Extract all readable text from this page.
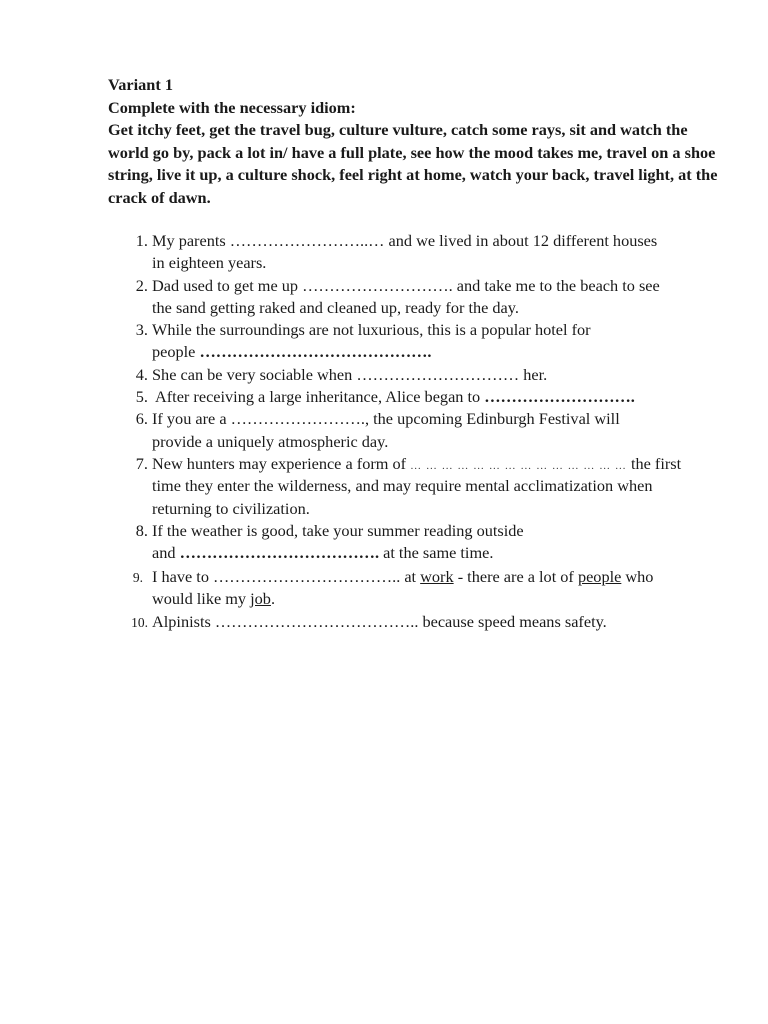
Variant 1

Complete with the necessary idiom:

Get itchy feet, get the travel bug, culture vulture, catch some rays, sit and watch the world go by, pack a lot in/ have a full plate, see how the mood takes me, travel on a shoe string, live it up, a culture shock, feel right at home, watch your back, travel light, at the crack of dawn.

1. My parents ……………………..… and we lived in about 12 different houses
in eighteen years.
2. Dad used to get me up ………………………. and take me to the beach to see
the sand getting raked and cleaned up, ready for the day.
3. While the surroundings are not luxurious, this is a popular hotel for
people …………………………………….
4. She can be very sociable when ………………………… her.
5. After receiving a large inheritance, Alice began to ……………………….
6. If you are a ……………………., the upcoming Edinburgh Festival will
provide a uniquely atmospheric day.
7. New hunters may experience a form of … … … … … … … … … … … … … … the first
time they enter the wilderness, and may require mental acclimatization when
returning to civilization.
8. If the weather is good, take your summer reading outside
and ………………………………. at the same time.
9. I have to …………………………….. at work - there are a lot of people who
would like my job.
10. Alpinists ……………………………….. because speed means safety.
